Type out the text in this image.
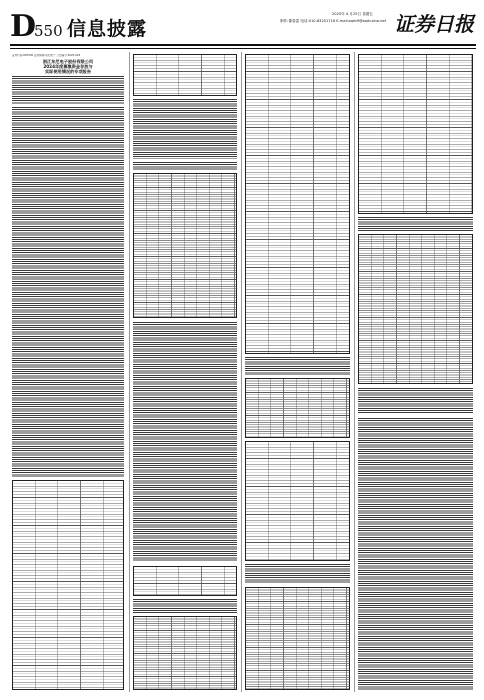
D
550 信息披露
2025年 4 月25日 星期五
制作:董春雷 电话:010-83251716 E-mail:zqrb9@zqrb.sina.net 证券日报
证券代码:603595 证券简称:东尼电子 公告编号:2025-018
浙江东尼电子股份有限公司
2024年度募集资金存放与
实际使用情况的专项报告
